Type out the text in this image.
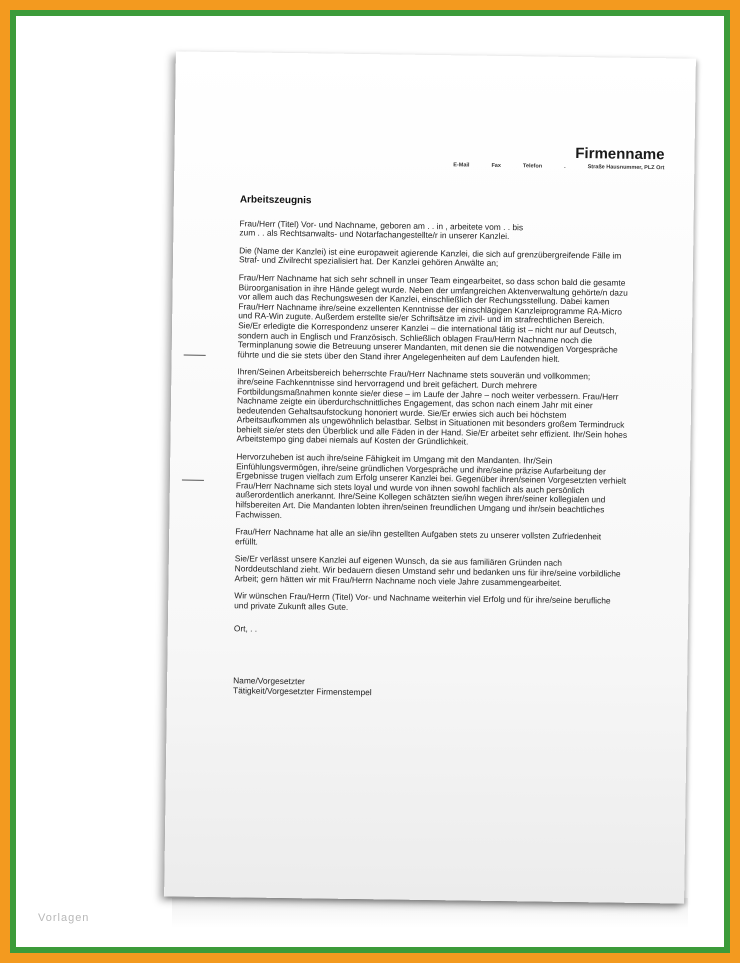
Firmenname
E-Mail	Fax	Telefon	.	Straße Hausnummer, PLZ Ort
Arbeitszeugnis
Frau/Herr (Titel) Vor- und Nachname, geboren am . . in , arbeitete vom . . bis
zum . . als Rechtsanwalts- und Notarfachangestellte/r in unserer Kanzlei.
Die (Name der Kanzlei) ist eine europaweit agierende Kanzlei, die sich auf grenzübergreifende Fälle im
Straf- und Zivilrecht spezialisiert hat. Der Kanzlei gehören Anwälte an;
Frau/Herr Nachname hat sich sehr schnell in unser Team eingearbeitet, so dass schon bald die gesamte
Büroorganisation in ihre Hände gelegt wurde. Neben der umfangreichen Aktenverwaltung gehörte/n dazu
vor allem auch das Rechungswesen der Kanzlei, einschließlich der Rechungsstellung. Dabei kamen
Frau/Herr Nachname ihre/seine exzellenten Kenntnisse der einschlägigen Kanzleiprogramme RA-Micro
und RA-Win zugute. Außerdem erstellte sie/er Schriftsätze im zivil- und im strafrechtlichen Bereich.
Sie/Er erledigte die Korrespondenz unserer Kanzlei – die international tätig ist – nicht nur auf Deutsch,
sondern auch in Englisch und Französisch. Schließlich oblagen Frau/Herrn Nachname noch die
Terminplanung sowie die Betreuung unserer Mandanten, mit denen sie die notwendigen Vorgespräche
führte und die sie stets über den Stand ihrer Angelegenheiten auf dem Laufenden hielt.
Ihren/Seinen Arbeitsbereich beherrschte Frau/Herr Nachname stets souverän und vollkommen;
ihre/seine Fachkenntnisse sind hervorragend und breit gefächert. Durch mehrere
Fortbildungsmaßnahmen konnte sie/er diese – im Laufe der Jahre – noch weiter verbessern. Frau/Herr
Nachname zeigte ein überdurchschnittliches Engagement, das schon nach einem Jahr mit einer
bedeutenden Gehaltsaufstockung honoriert wurde. Sie/Er erwies sich auch bei höchstem
Arbeitsaufkommen als ungewöhnlich belastbar. Selbst in Situationen mit besonders großem Termindruck
behielt sie/er stets den Überblick und alle Fäden in der Hand. Sie/Er arbeitet sehr effizient. Ihr/Sein hohes
Arbeitstempo ging dabei niemals auf Kosten der Gründlichkeit.
Hervorzuheben ist auch ihre/seine Fähigkeit im Umgang mit den Mandanten. Ihr/Sein
Einfühlungsvermögen, ihre/seine gründlichen Vorgespräche und ihre/seine präzise Aufarbeitung der
Ergebnisse trugen vielfach zum Erfolg unserer Kanzlei bei. Gegenüber ihren/seinen Vorgesetzten verhielt
Frau/Herr Nachname sich stets loyal und wurde von ihnen sowohl fachlich als auch persönlich
außerordentlich anerkannt. Ihre/Seine Kollegen schätzten sie/ihn wegen ihrer/seiner kollegialen und
hilfsbereiten Art. Die Mandanten lobten ihren/seinen freundlichen Umgang und ihr/sein beachtliches
Fachwissen.
Frau/Herr Nachname hat alle an sie/ihn gestellten Aufgaben stets zu unserer vollsten Zufriedenheit
erfüllt.
Sie/Er verlässt unsere Kanzlei auf eigenen Wunsch, da sie aus familiären Gründen nach
Norddeutschland zieht. Wir bedauern diesen Umstand sehr und bedanken uns für ihre/seine vorbildliche
Arbeit; gern hätten wir mit Frau/Herrn Nachname noch viele Jahre zusammengearbeitet.
Wir wünschen Frau/Herrn (Titel) Vor- und Nachname weiterhin viel Erfolg und für ihre/seine berufliche
und private Zukunft alles Gute.
Ort, . .
Name/Vorgesetzter
Tätigkeit/Vorgesetzter Firmenstempel
Vorlagen
